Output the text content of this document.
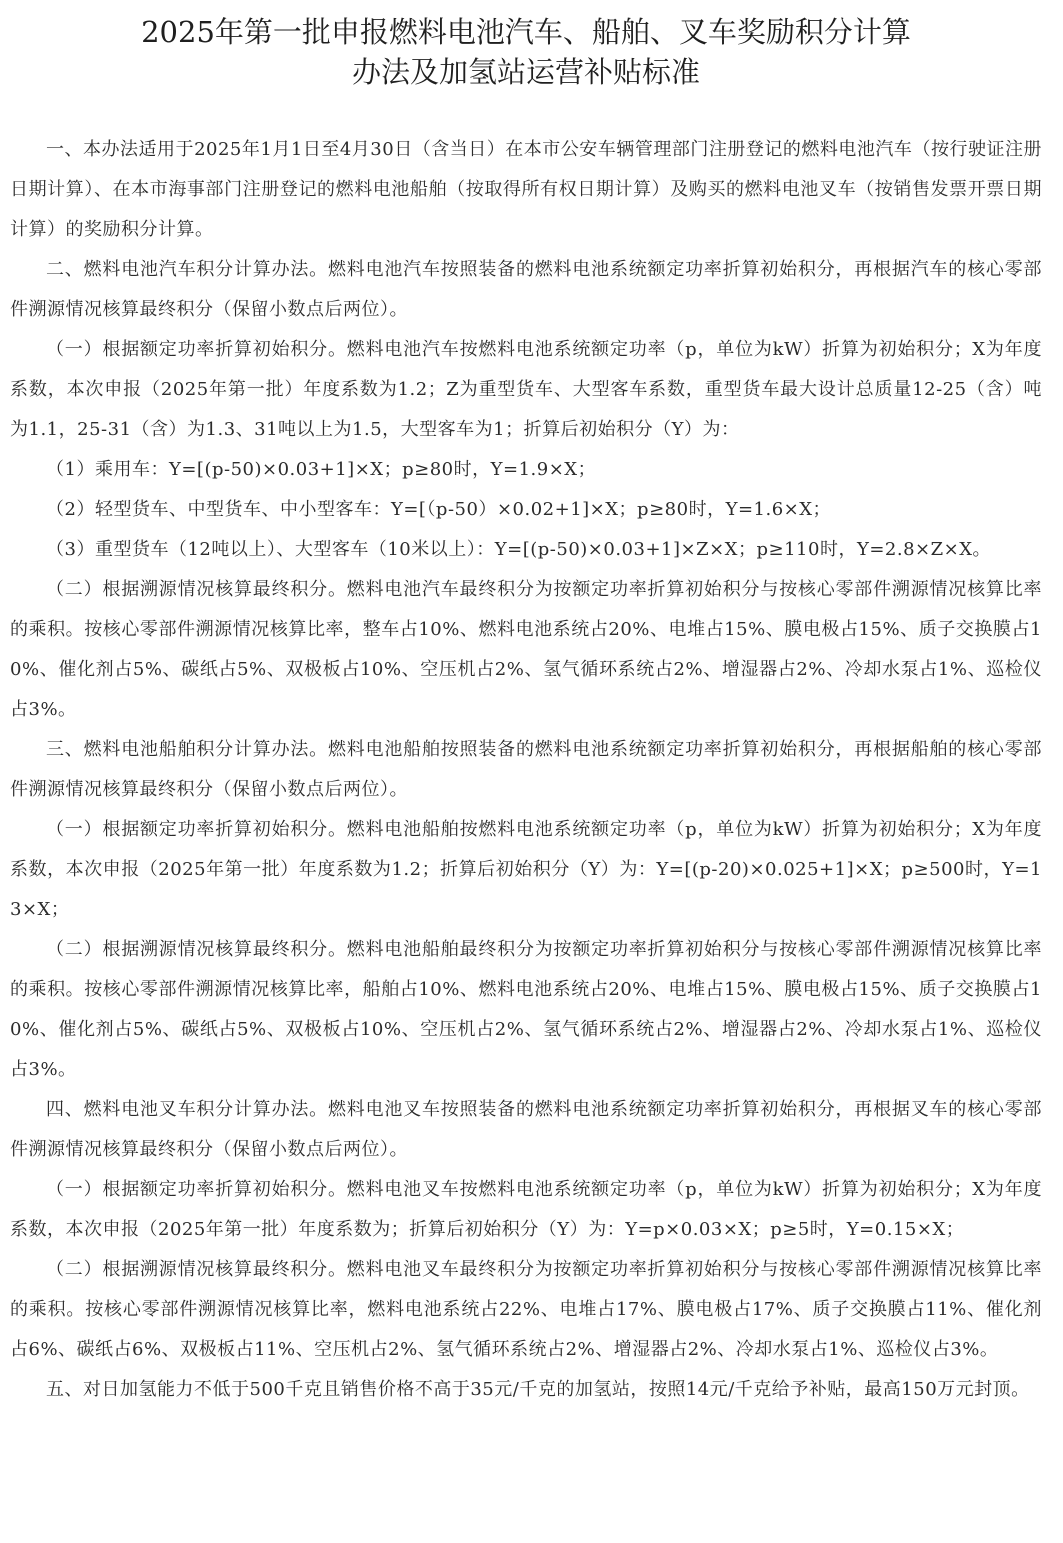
2025年第一批申报燃料电池汽车、船舶、叉车奖励积分计算
办法及加氢站运营补贴标准

一、本办法适用于2025年1月1日至4月30日（含当日）在本市公安车辆管理部门注册登记的燃料电池汽车（按行驶证注册日期计算）、在本市海事部门注册登记的燃料电池船舶（按取得所有权日期计算）及购买的燃料电池叉车（按销售发票开票日期计算）的奖励积分计算。

二、燃料电池汽车积分计算办法。燃料电池汽车按照装备的燃料电池系统额定功率折算初始积分，再根据汽车的核心零部件溯源情况核算最终积分（保留小数点后两位）。

（一）根据额定功率折算初始积分。燃料电池汽车按燃料电池系统额定功率（p，单位为kW）折算为初始积分；X为年度系数，本次申报（2025年第一批）年度系数为1.2；Z为重型货车、大型客车系数，重型货车最大设计总质量12-25（含）吨为1.1，25-31（含）为1.3、31吨以上为1.5，大型客车为1；折算后初始积分（Y）为：

（1）乘用车：Y=[(p-50)×0.03+1]×X；p≥80时，Y=1.9×X；

（2）轻型货车、中型货车、中小型客车：Y=[（p-50）×0.02+1]×X；p≥80时，Y=1.6×X；

（3）重型货车（12吨以上）、大型客车（10米以上）：Y=[(p-50)×0.03+1]×Z×X；p≥110时，Y=2.8×Z×X。

（二）根据溯源情况核算最终积分。燃料电池汽车最终积分为按额定功率折算初始积分与按核心零部件溯源情况核算比率的乘积。按核心零部件溯源情况核算比率，整车占10%、燃料电池系统占20%、电堆占15%、膜电极占15%、质子交换膜占10%、催化剂占5%、碳纸占5%、双极板占10%、空压机占2%、氢气循环系统占2%、增湿器占2%、冷却水泵占1%、巡检仪占3%。

三、燃料电池船舶积分计算办法。燃料电池船舶按照装备的燃料电池系统额定功率折算初始积分，再根据船舶的核心零部件溯源情况核算最终积分（保留小数点后两位）。

（一）根据额定功率折算初始积分。燃料电池船舶按燃料电池系统额定功率（p，单位为kW）折算为初始积分；X为年度系数，本次申报（2025年第一批）年度系数为1.2；折算后初始积分（Y）为：Y=[(p-20)×0.025+1]×X；p≥500时，Y=13×X；

（二）根据溯源情况核算最终积分。燃料电池船舶最终积分为按额定功率折算初始积分与按核心零部件溯源情况核算比率的乘积。按核心零部件溯源情况核算比率，船舶占10%、燃料电池系统占20%、电堆占15%、膜电极占15%、质子交换膜占10%、催化剂占5%、碳纸占5%、双极板占10%、空压机占2%、氢气循环系统占2%、增湿器占2%、冷却水泵占1%、巡检仪占3%。

四、燃料电池叉车积分计算办法。燃料电池叉车按照装备的燃料电池系统额定功率折算初始积分，再根据叉车的核心零部件溯源情况核算最终积分（保留小数点后两位）。

（一）根据额定功率折算初始积分。燃料电池叉车按燃料电池系统额定功率（p，单位为kW）折算为初始积分；X为年度系数，本次申报（2025年第一批）年度系数为；折算后初始积分（Y）为：Y=p×0.03×X；p≥5时，Y=0.15×X；

（二）根据溯源情况核算最终积分。燃料电池叉车最终积分为按额定功率折算初始积分与按核心零部件溯源情况核算比率的乘积。按核心零部件溯源情况核算比率，燃料电池系统占22%、电堆占17%、膜电极占17%、质子交换膜占11%、催化剂占6%、碳纸占6%、双极板占11%、空压机占2%、氢气循环系统占2%、增湿器占2%、冷却水泵占1%、巡检仪占3%。

五、对日加氢能力不低于500千克且销售价格不高于35元/千克的加氢站，按照14元/千克给予补贴，最高150万元封顶。
